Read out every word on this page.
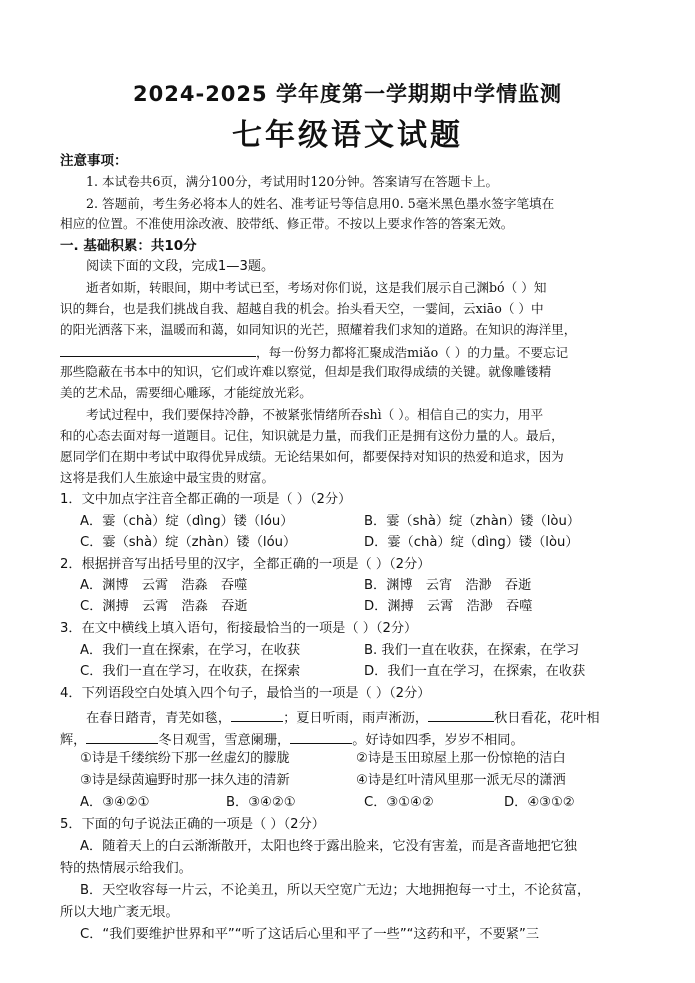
2024-2025 学年度第一学期期中学情监测
七年级语文试题
注意事项：
1. 本试卷共6页，满分100分，考试用时120分钟。答案请写在答题卡上。
2. 答题前，考生务必将本人的姓名、准考证号等信息用0. 5毫米黑色墨水签字笔填在
相应的位置。不准使用涂改液、胶带纸、修正带。不按以上要求作答的答案无效。
一. 基础积累：共10分
阅读下面的文段，完成1—3题。
逝者如斯，转眼间，期中考试已至，考场对你们说，这是我们展示自己渊bó（ ）知
识的舞台，也是我们挑战自我、超越自我的机会。抬头看天空，一霎间，云xiāo（ ）中
的阳光洒落下来，温暖而和蔼，如同知识的光芒，照耀着我们求知的道路。在知识的海洋里，
，每一份努力都将汇聚成浩miǎo（ ）的力量。不要忘记
那些隐蔽在书本中的知识，它们或许难以察觉，但却是我们取得成绩的关键。就像雕镂精
美的艺术品，需要细心雕琢，才能绽放光彩。
考试过程中，我们要保持冷静，不被紧张情绪所吞shì（ ）。相信自己的实力，用平
和的心态去面对每一道题目。记住，知识就是力量，而我们正是拥有这份力量的人。最后，
愿同学们在期中考试中取得优异成绩。无论结果如何，都要保持对知识的热爱和追求，因为
这将是我们人生旅途中最宝贵的财富。
1．文中加点字注音全都正确的一项是（ ）（2分）
A．霎（chà）绽（dìng）镂（lóu）	B．霎（shà）绽（zhàn）镂（lòu）
C．霎（shà）绽（zhàn）镂（lóu）	D．霎（chà）绽（dìng）镂（lòu）
2．根据拼音写出括号里的汉字，全都正确的一项是（ ）（2分）
A．渊博　云霄　浩淼　吞噬	B．渊博　云宵　浩渺　吞逝
C．渊搏　云霄　浩淼　吞逝	D．渊搏　云霄　浩渺　吞噬
3．在文中横线上填入语句，衔接最恰当的一项是（ ）（2分）
A．我们一直在探索，在学习，在收获	B. 我们一直在收获，在探索，在学习
C．我们一直在学习，在收获，在探索	D．我们一直在学习，在探索，在收获
4．下列语段空白处填入四个句子，最恰当的一项是（ ）（2分）
在春日踏青，青芜如毯，	；夏日听雨，雨声淅沥，	秋日看花，花叶相
辉，	冬日观雪，雪意阑珊，	。好诗如四季，岁岁不相同。
①诗是千缕缤纷下那一丝虚幻的朦胧	②诗是玉田琼屋上那一份惊艳的洁白
③诗是绿茵遍野时那一抹久违的清新	④诗是红叶清风里那一派无尽的潇洒
A．③④②①	B．③④②①	C．③①④②	D．④③①②
5．下面的句子说法正确的一项是（ ）（2分）
A．随着天上的白云渐渐散开，太阳也终于露出脸来，它没有害羞，而是吝啬地把它独
特的热情展示给我们。
B．天空收容每一片云，不论美丑，所以天空宽广无边；大地拥抱每一寸土，不论贫富，
所以大地广袤无垠。
C．“我们要维护世界和平”“听了这话后心里和平了一些”“这药和平，不要紧”三
